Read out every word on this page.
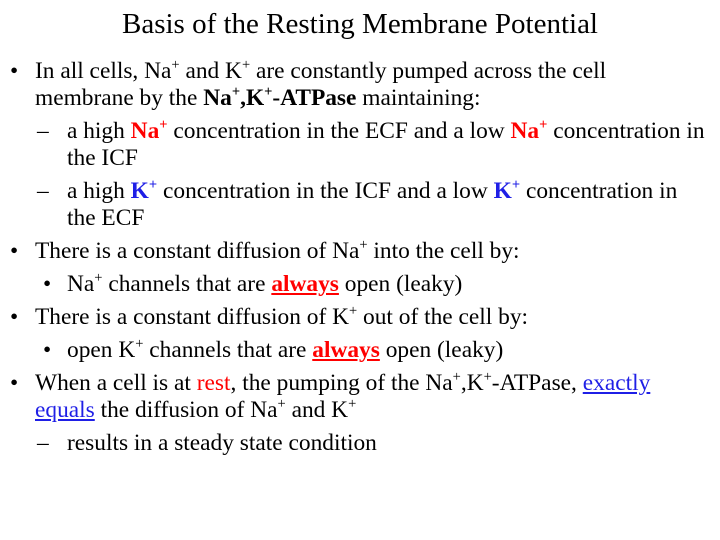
Basis of the Resting Membrane Potential
• In all cells, Na+ and K+ are constantly pumped across the cell membrane by the Na+,K+-ATPase maintaining:
– a high Na+ concentration in the ECF and a low Na+ concentration in the ICF
– a high K+ concentration in the ICF and a low K+ concentration in the ECF
• There is a constant diffusion of Na+ into the cell by:
• Na+ channels that are always open (leaky)
• There is a constant diffusion of K+ out of the cell by:
• open K+ channels that are always open (leaky)
• When a cell is at rest, the pumping of the Na+,K+-ATPase, exactly equals the diffusion of Na+ and K+
– results in a steady state condition
